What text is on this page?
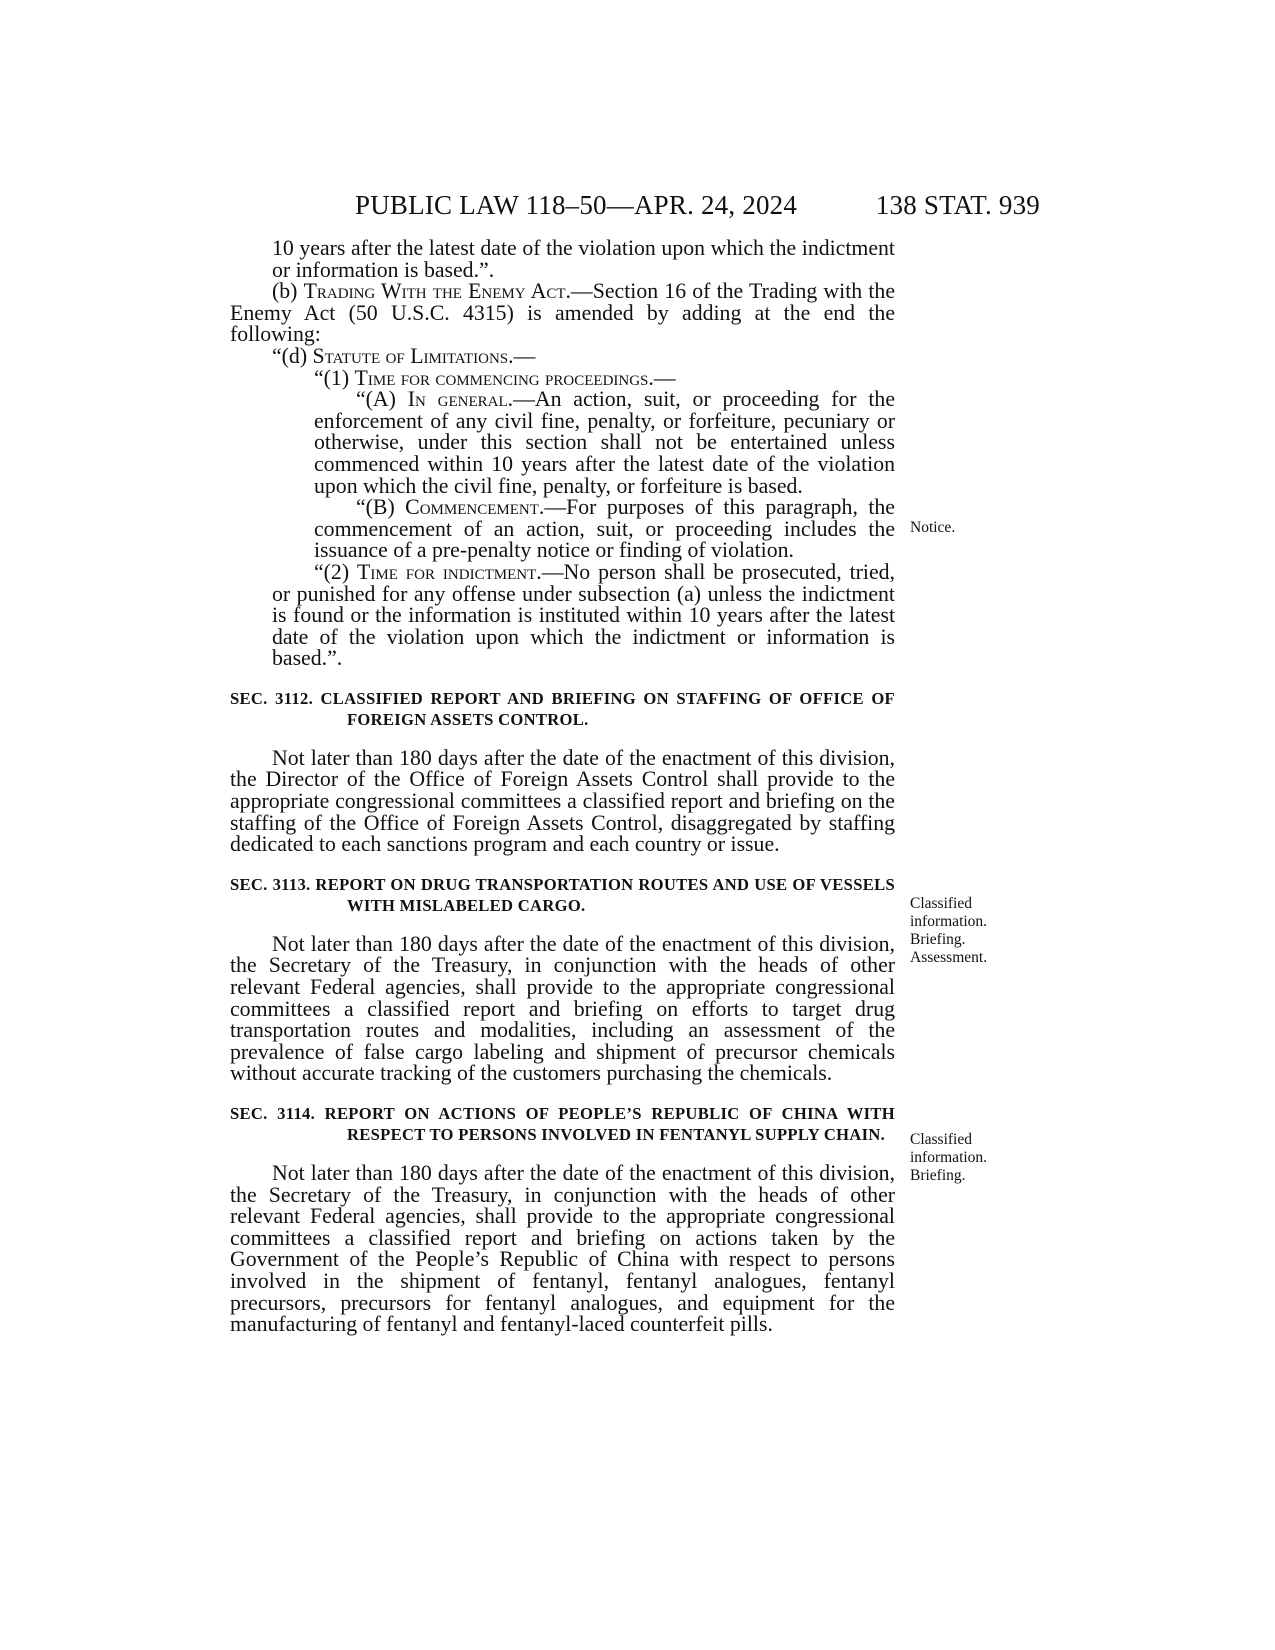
PUBLIC LAW 118–50—APR. 24, 2024	138 STAT. 939

10 years after the latest date of the violation upon which the indictment or information is based.”.

(b) Trading With the Enemy Act.—Section 16 of the Trading with the Enemy Act (50 U.S.C. 4315) is amended by adding at the end the following:

“(d) Statute of Limitations.—

“(1) Time for commencing proceedings.—

“(A) In general.—An action, suit, or proceeding for the enforcement of any civil fine, penalty, or forfeiture, pecuniary or otherwise, under this section shall not be entertained unless commenced within 10 years after the latest date of the violation upon which the civil fine, penalty, or forfeiture is based.

“(B) Commencement.—For purposes of this paragraph, the commencement of an action, suit, or proceeding includes the issuance of a pre-penalty notice or finding of violation.

“(2) Time for indictment.—No person shall be prosecuted, tried, or punished for any offense under subsection (a) unless the indictment is found or the information is instituted within 10 years after the latest date of the violation upon which the indictment or information is based.”.

SEC. 3112. CLASSIFIED REPORT AND BRIEFING ON STAFFING OF OFFICE OF FOREIGN ASSETS CONTROL.

Not later than 180 days after the date of the enactment of this division, the Director of the Office of Foreign Assets Control shall provide to the appropriate congressional committees a classified report and briefing on the staffing of the Office of Foreign Assets Control, disaggregated by staffing dedicated to each sanctions program and each country or issue.

SEC. 3113. REPORT ON DRUG TRANSPORTATION ROUTES AND USE OF VESSELS WITH MISLABELED CARGO.

Not later than 180 days after the date of the enactment of this division, the Secretary of the Treasury, in conjunction with the heads of other relevant Federal agencies, shall provide to the appropriate congressional committees a classified report and briefing on efforts to target drug transportation routes and modalities, including an assessment of the prevalence of false cargo labeling and shipment of precursor chemicals without accurate tracking of the customers purchasing the chemicals.

SEC. 3114. REPORT ON ACTIONS OF PEOPLE’S REPUBLIC OF CHINA WITH RESPECT TO PERSONS INVOLVED IN FENTANYL SUPPLY CHAIN.

Not later than 180 days after the date of the enactment of this division, the Secretary of the Treasury, in conjunction with the heads of other relevant Federal agencies, shall provide to the appropriate congressional committees a classified report and briefing on actions taken by the Government of the People’s Republic of China with respect to persons involved in the shipment of fentanyl, fentanyl analogues, fentanyl precursors, precursors for fentanyl analogues, and equipment for the manufacturing of fentanyl and fentanyl-laced counterfeit pills.

Notice.
Classified
information.
Briefing.
Assessment.
Classified
information.
Briefing.
